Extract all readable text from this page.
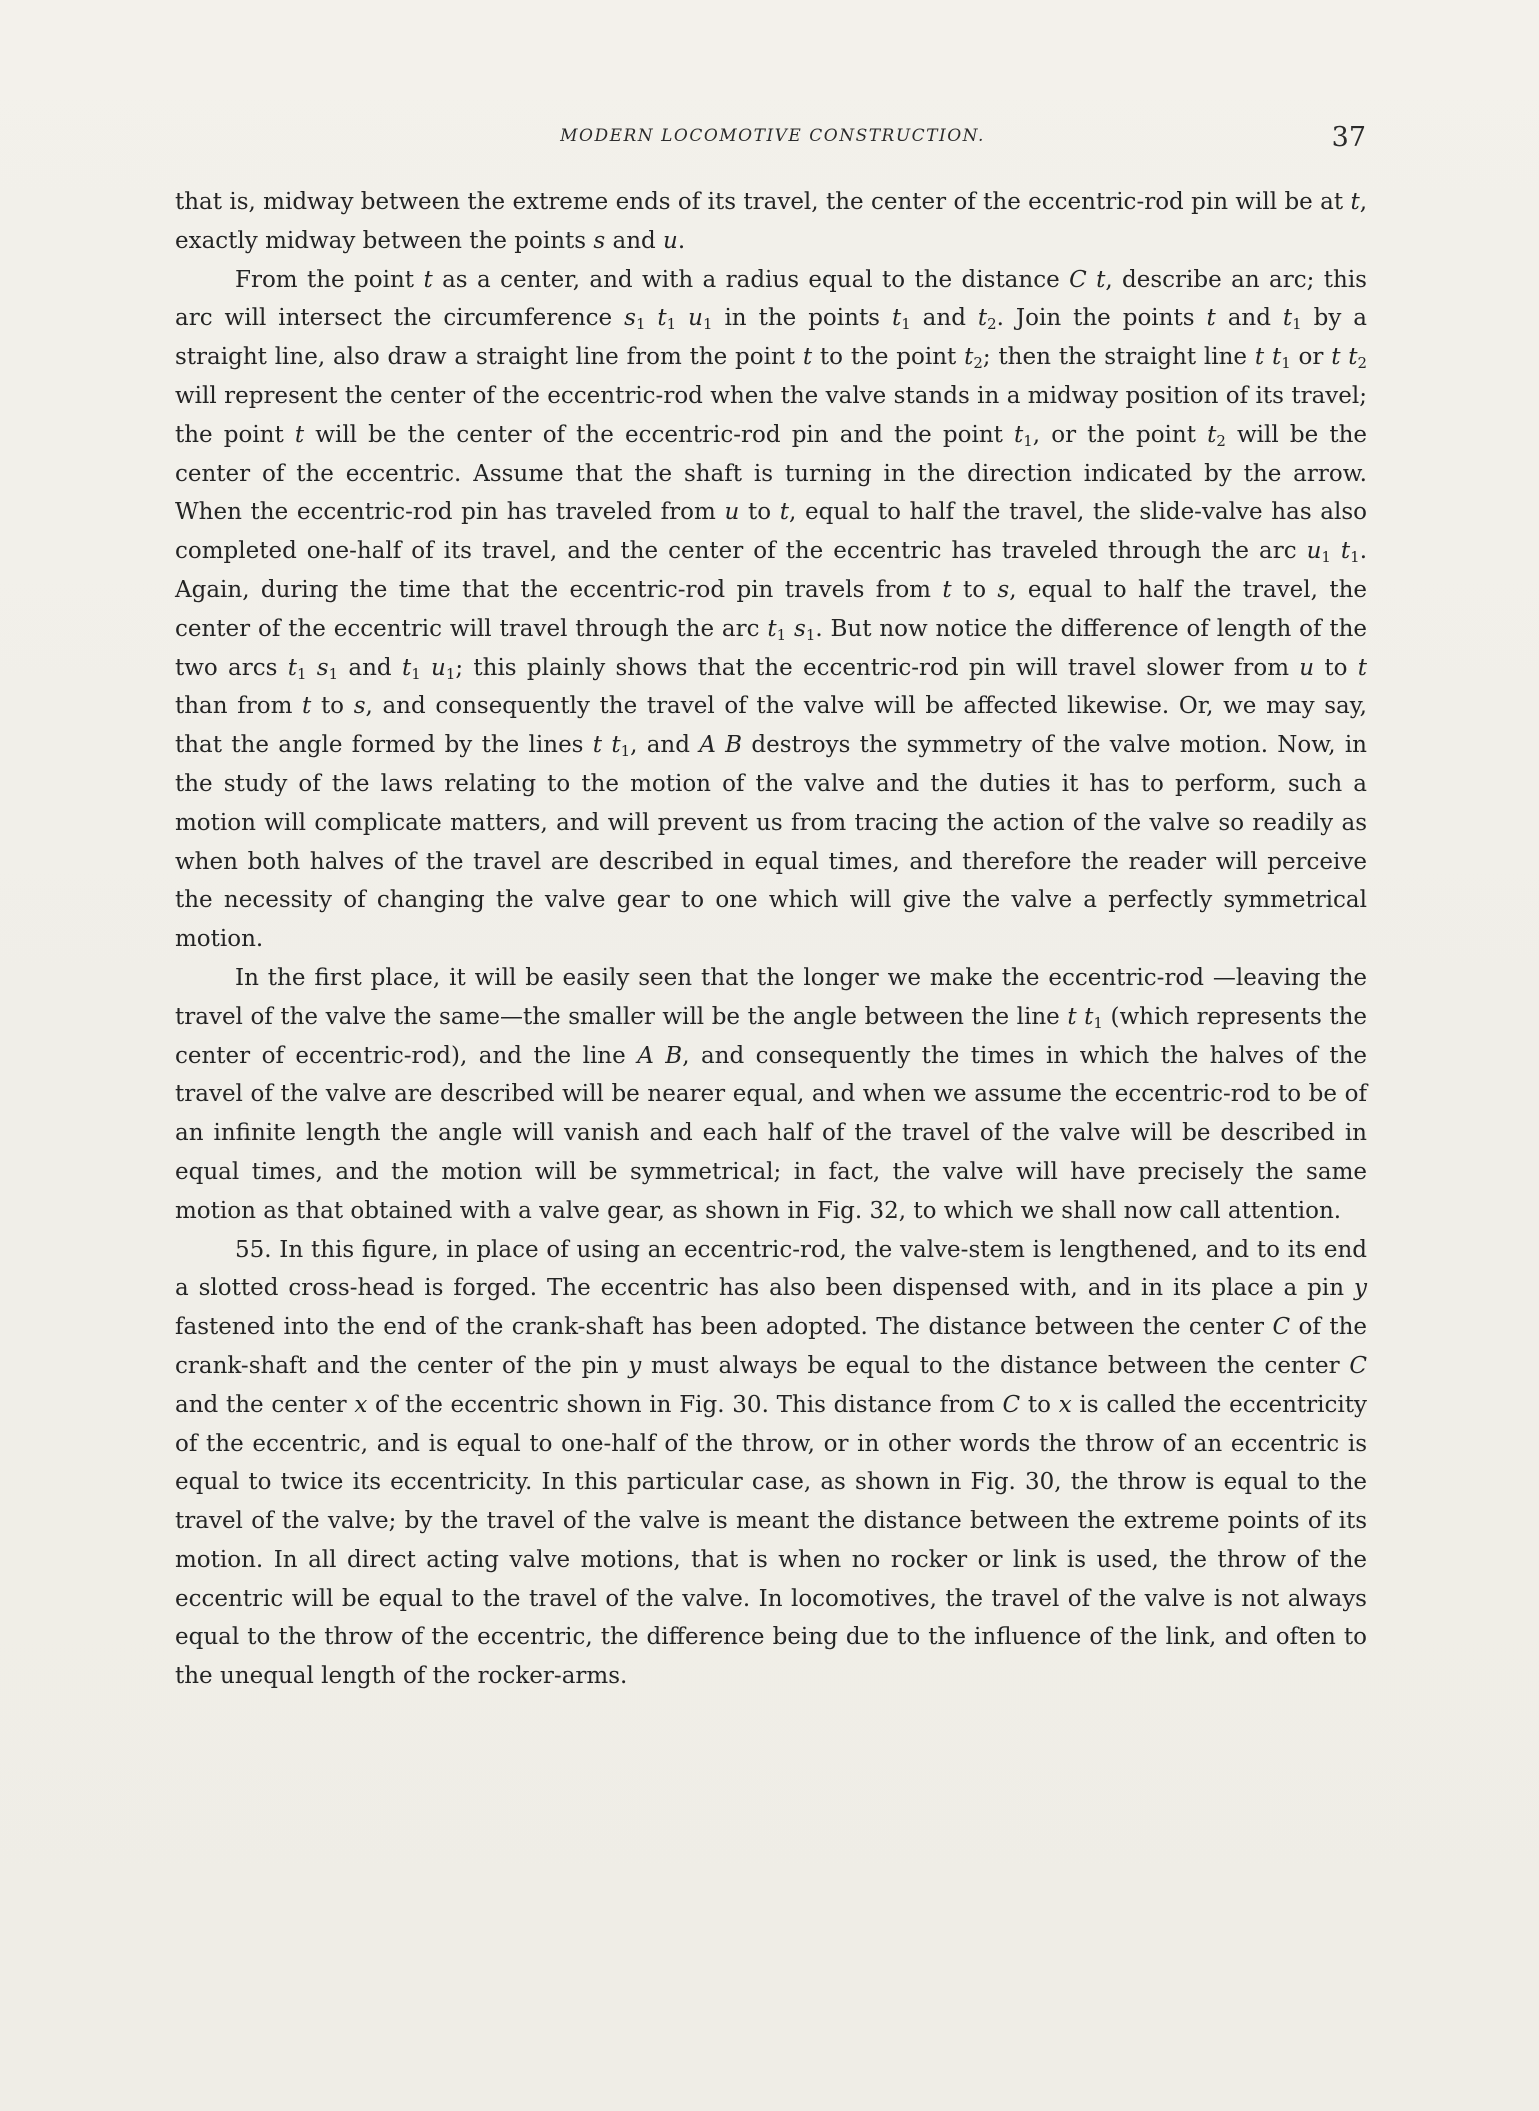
MODERN LOCOMOTIVE CONSTRUCTION.	37

that is, midway between the extreme ends of its travel, the center of the eccentric-rod pin will be at t, exactly midway between the points s and u.

From the point t as a center, and with a radius equal to the distance C t, describe an arc; this arc will intersect the circumference $s_1$ $t_1$ $u_1$ in the points $t_1$ and $t_2$. Join the points t and $t_1$ by a straight line, also draw a straight line from the point t to the point $t_2$; then the straight line t $t_1$ or t $t_2$ will represent the center of the eccentric-rod when the valve stands in a midway position of its travel; the point t will be the center of the eccentric-rod pin and the point $t_1$, or the point $t_2$ will be the center of the eccentric. Assume that the shaft is turning in the direction indicated by the arrow. When the eccentric-rod pin has traveled from u to t, equal to half the travel, the slide-valve has also completed one-half of its travel, and the center of the eccentric has traveled through the arc $u_1$ $t_1$. Again, during the time that the eccentric-rod pin travels from t to s, equal to half the travel, the center of the eccentric will travel through the arc $t_1$ $s_1$. But now notice the difference of length of the two arcs $t_1$ $s_1$ and $t_1$ $u_1$; this plainly shows that the eccentric-rod pin will travel slower from u to t than from t to s, and consequently the travel of the valve will be affected likewise. Or, we may say, that the angle formed by the lines t $t_1$, and A B destroys the symmetry of the valve motion. Now, in the study of the laws relating to the motion of the valve and the duties it has to perform, such a motion will complicate matters, and will prevent us from tracing the action of the valve so readily as when both halves of the travel are described in equal times, and therefore the reader will perceive the necessity of changing the valve gear to one which will give the valve a perfectly symmetrical motion.

In the first place, it will be easily seen that the longer we make the eccentric-rod —leaving the travel of the valve the same—the smaller will be the angle between the line t $t_1$ (which represents the center of eccentric-rod), and the line A B, and consequently the times in which the halves of the travel of the valve are described will be nearer equal, and when we assume the eccentric-rod to be of an infinite length the angle will vanish and each half of the travel of the valve will be described in equal times, and the motion will be symmetrical; in fact, the valve will have precisely the same motion as that obtained with a valve gear, as shown in Fig. 32, to which we shall now call attention.

55. In this figure, in place of using an eccentric-rod, the valve-stem is lengthened, and to its end a slotted cross-head is forged. The eccentric has also been dispensed with, and in its place a pin y fastened into the end of the crank-shaft has been adopted. The distance between the center C of the crank-shaft and the center of the pin y must always be equal to the distance between the center C and the center x of the eccentric shown in Fig. 30. This distance from C to x is called the eccentricity of the eccentric, and is equal to one-half of the throw, or in other words the throw of an eccentric is equal to twice its eccentricity. In this particular case, as shown in Fig. 30, the throw is equal to the travel of the valve; by the travel of the valve is meant the distance between the extreme points of its motion. In all direct acting valve motions, that is when no rocker or link is used, the throw of the eccentric will be equal to the travel of the valve. In locomotives, the travel of the valve is not always equal to the throw of the eccentric, the difference being due to the influence of the link, and often to the unequal length of the rocker-arms.
